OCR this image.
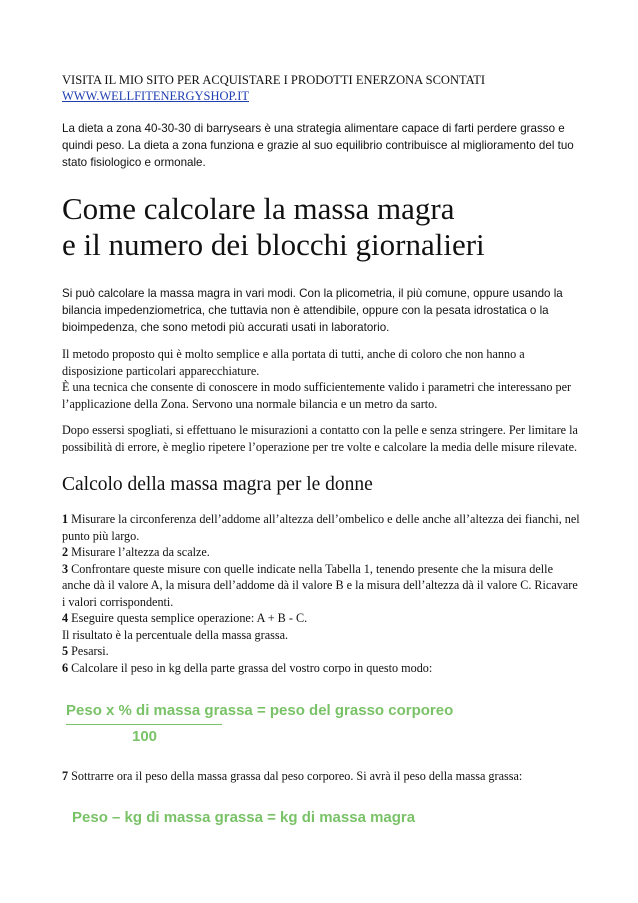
VISITA IL MIO SITO PER ACQUISTARE I PRODOTTI ENERZONA SCONTATI

WWW.WELLFITENERGYSHOP.IT

La dieta a zona 40-30-30 di barrysears è una strategia alimentare capace di farti perdere grasso e quindi peso. La dieta a zona funziona e grazie al suo equilibrio contribuisce al miglioramento del tuo stato fisiologico e ormonale.

Come calcolare la massa magra
e il numero dei blocchi giornalieri

Si può calcolare la massa magra in vari modi. Con la plicometria, il più comune, oppure usando la bilancia impedenziometrica, che tuttavia non è attendibile, oppure con la pesata idrostatica o la bioimpedenza, che sono metodi più accurati usati in laboratorio.

Il metodo proposto qui è molto semplice e alla portata di tutti, anche di coloro che non hanno a disposizione particolari apparecchiature.

È una tecnica che consente di conoscere in modo sufficientemente valido i parametri che interessano per l’applicazione della Zona. Servono una normale bilancia e un metro da sarto.

Dopo essersi spogliati, si effettuano le misurazioni a contatto con la pelle e senza stringere. Per limitare la possibilità di errore, è meglio ripetere l’operazione per tre volte e calcolare la media delle misure rilevate.

Calcolo della massa magra per le donne

1 Misurare la circonferenza dell’addome all’altezza dell’ombelico e delle anche all’altezza dei fianchi, nel punto più largo.

2 Misurare l’altezza da scalze.

3 Confrontare queste misure con quelle indicate nella Tabella 1, tenendo presente che la misura delle anche dà il valore A, la misura dell’addome dà il valore B e la misura dell’altezza dà il valore C. Ricavare i valori corrispondenti.

4 Eseguire questa semplice operazione: A + B - C.

Il risultato è la percentuale della massa grassa.

5 Pesarsi.

6 Calcolare il peso in kg della parte grassa del vostro corpo in questo modo:

Peso x % di massa grassa = peso del grasso corporeo
100

7 Sottrarre ora il peso della massa grassa dal peso corporeo. Si avrà il peso della massa grassa:

Peso – kg di massa grassa = kg di massa magra
